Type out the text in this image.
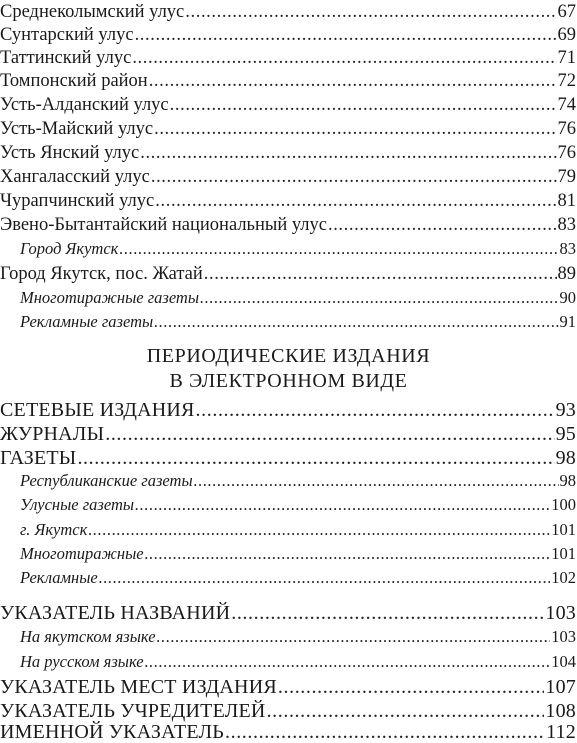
Среднеколымский улус .....	67
Сунтарский улус .....	69
Таттинский улус .....	71
Томпонский район .....	72
Усть-Алданский улус .....	74
Усть-Майский улус .....	76
Усть Янский улус .....	76
Хангаласский улус .....	79
Чурапчинский улус .....	81
Эвено-Бытантайский национальный улус .....	83
Город Якутск .....	83
Город Якутск, пос. Жатай .....	89
Многотиражные газеты .....	90
Рекламные газеты .....	91
ПЕРИОДИЧЕСКИЕ ИЗДАНИЯ
В ЭЛЕКТРОННОМ ВИДЕ
СЕТЕВЫЕ ИЗДАНИЯ .....	93
ЖУРНАЛЫ .....	95
ГАЗЕТЫ .....	98
Республиканские газеты .....	98
Улусные газеты .....	100
г. Якутск .....	101
Многотиражные .....	101
Рекламные .....	102
УКАЗАТЕЛЬ НАЗВАНИЙ .....	103
На якутском языке .....	103
На русском языке .....	104
УКАЗАТЕЛЬ МЕСТ ИЗДАНИЯ .....	107
УКАЗАТЕЛЬ УЧРЕДИТЕЛЕЙ .....	108
ИМЕННОЙ УКАЗАТЕЛЬ .....	112
